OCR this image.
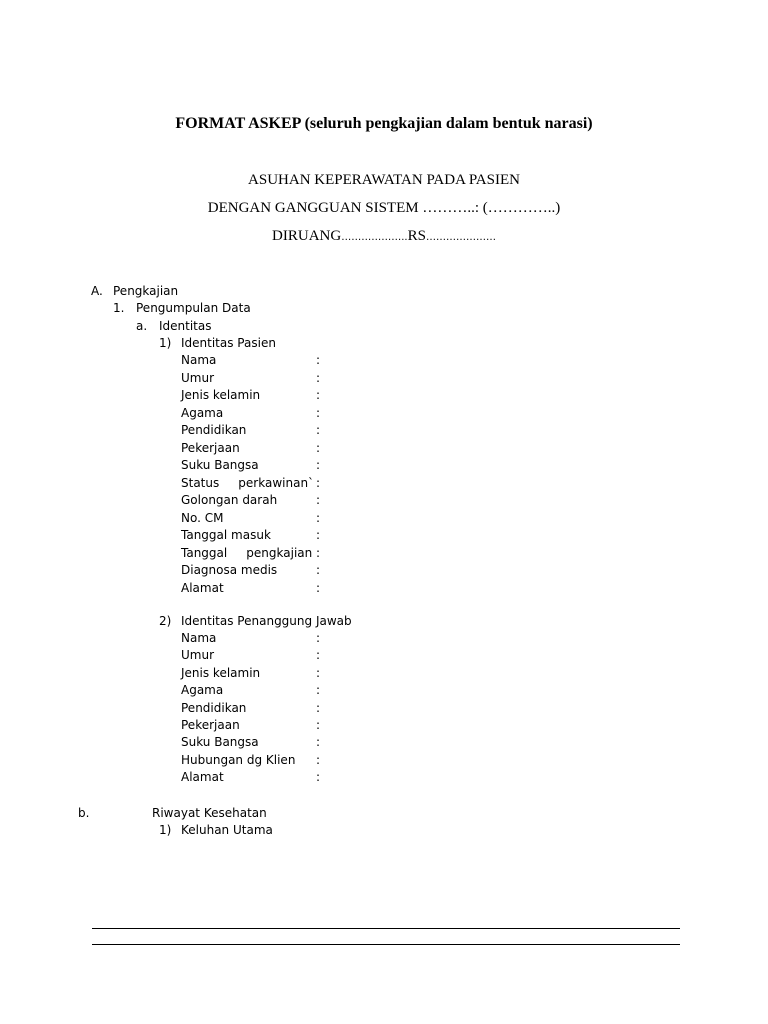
FORMAT ASKEP (seluruh pengkajian dalam bentuk narasi)
ASUHAN KEPERAWATAN PADA PASIEN
DENGAN GANGGUAN SISTEM ………..: (…………..)
DIRUANG………………..RS…………………
A. Pengkajian
1. Pengumpulan Data
a. Identitas
1) Identitas Pasien
Nama	:
Umur	:
Jenis kelamin	:
Agama	:
Pendidikan	:
Pekerjaan	:
Suku Bangsa	:
Status     perkawinan` :
Golongan darah	:
No. CM	:
Tanggal masuk	:
Tanggal     pengkajian :
Diagnosa medis	:
Alamat	:
2) Identitas Penanggung Jawab
Nama	:
Umur	:
Jenis kelamin	:
Agama	:
Pendidikan	:
Pekerjaan	:
Suku Bangsa	:
Hubungan dg Klien :
Alamat	:
b.	Riwayat Kesehatan
1) Keluhan Utama
